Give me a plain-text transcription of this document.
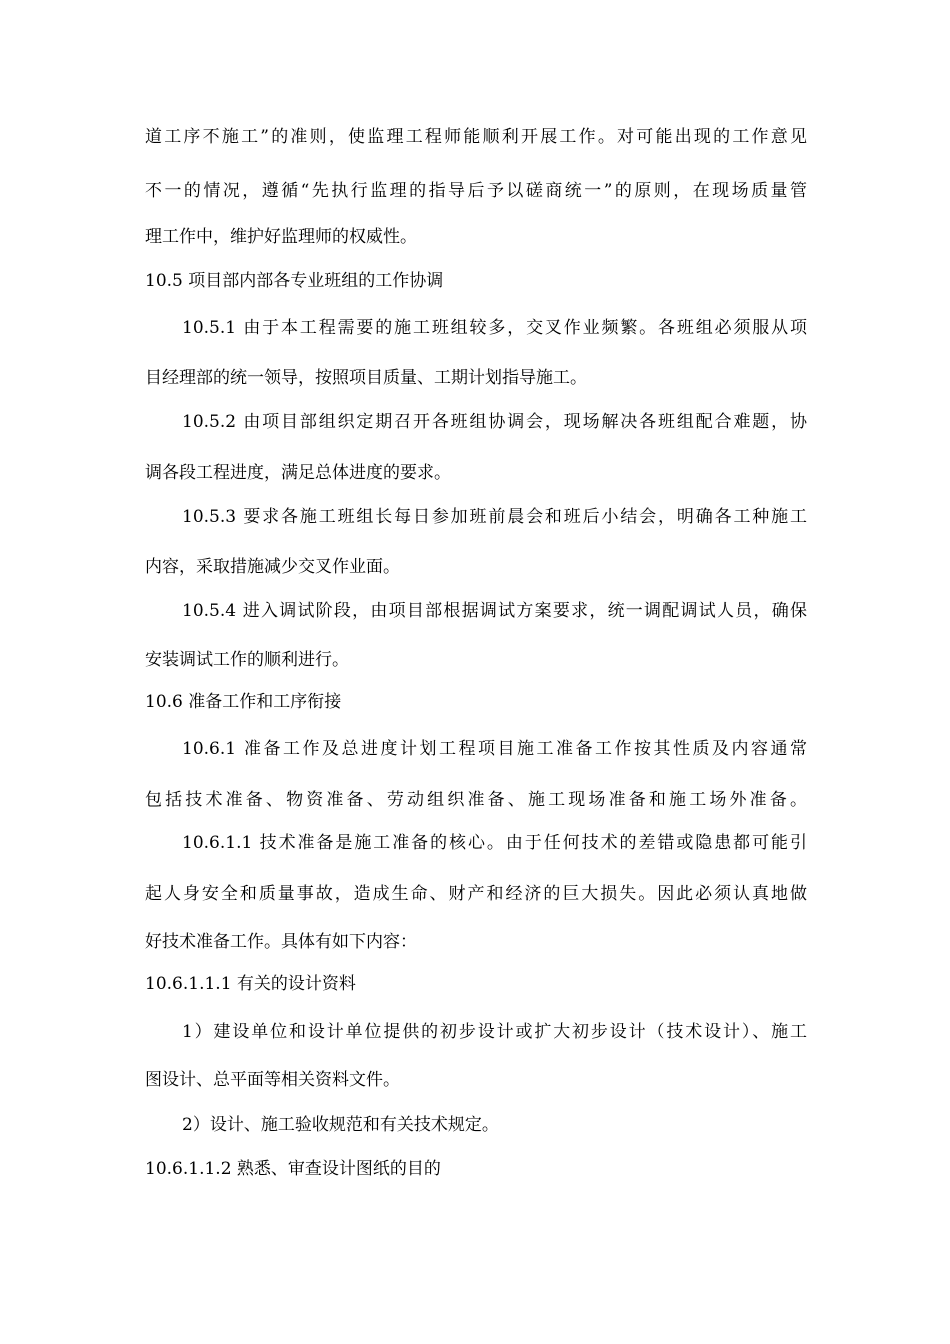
道工序不施工”的准则，使监理工程师能顺利开展工作。对可能出现的工作意见
不一的情况，遵循“先执行监理的指导后予以磋商统一”的原则，在现场质量管
理工作中，维护好监理师的权威性。
10.5 项目部内部各专业班组的工作协调
10.5.1 由于本工程需要的施工班组较多，交叉作业频繁。各班组必须服从项
目经理部的统一领导，按照项目质量、工期计划指导施工。
10.5.2 由项目部组织定期召开各班组协调会，现场解决各班组配合难题，协
调各段工程进度，满足总体进度的要求。
10.5.3 要求各施工班组长每日参加班前晨会和班后小结会，明确各工种施工
内容，采取措施减少交叉作业面。
10.5.4 进入调试阶段，由项目部根据调试方案要求，统一调配调试人员，确保
安装调试工作的顺利进行。
10.6 准备工作和工序衔接
10.6.1 准备工作及总进度计划工程项目施工准备工作按其性质及内容通常
包括技术准备、物资准备、劳动组织准备、施工现场准备和施工场外准备。
10.6.1.1 技术准备是施工准备的核心。由于任何技术的差错或隐患都可能引
起人身安全和质量事故，造成生命、财产和经济的巨大损失。因此必须认真地做
好技术准备工作。具体有如下内容：
10.6.1.1.1 有关的设计资料
1）建设单位和设计单位提供的初步设计或扩大初步设计（技术设计）、施工
图设计、总平面等相关资料文件。
2）设计、施工验收规范和有关技术规定。
10.6.1.1.2 熟悉、审查设计图纸的目的
